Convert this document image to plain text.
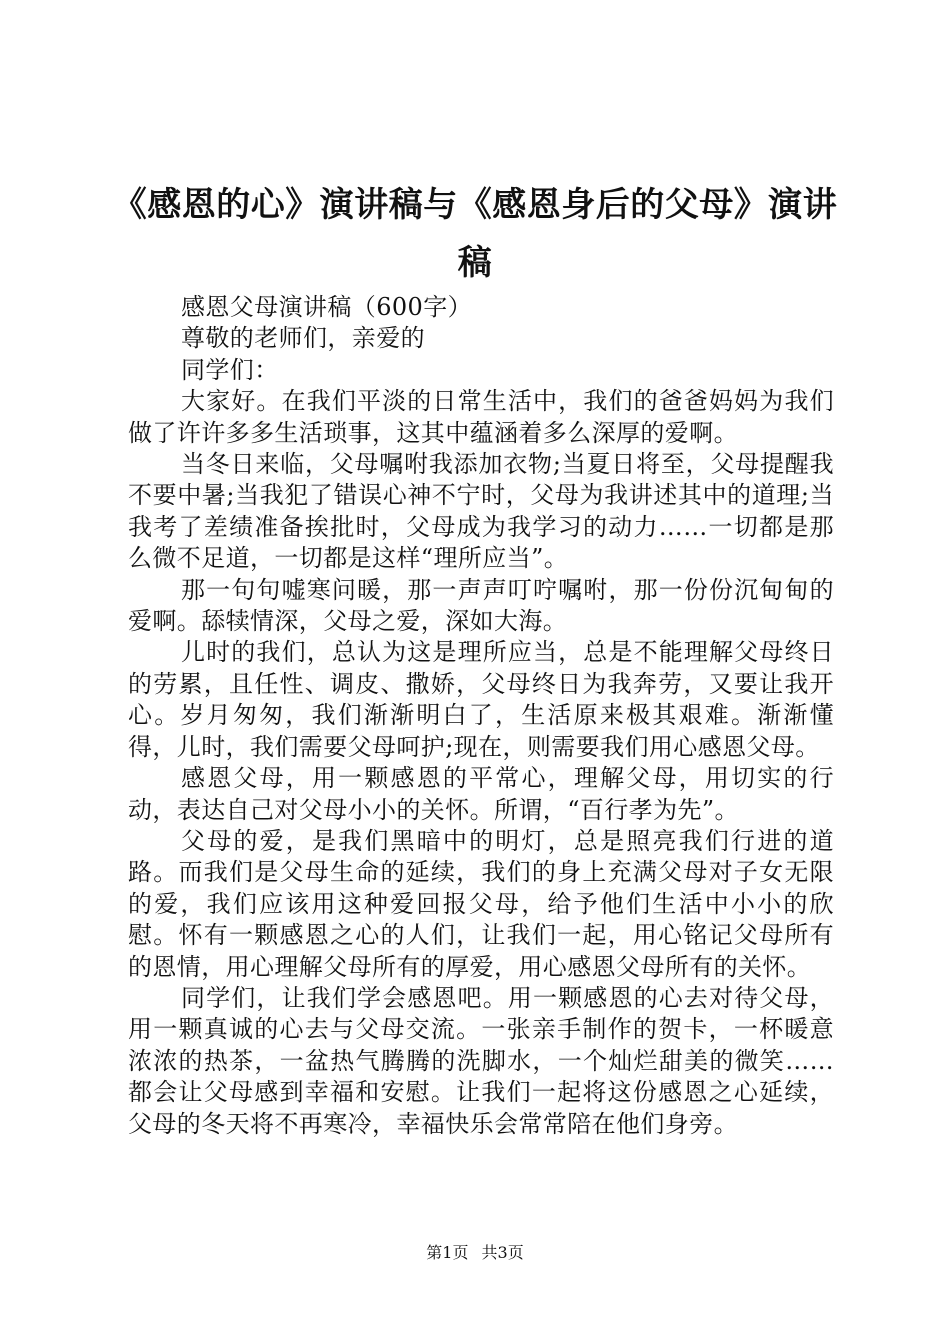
《感恩的心》演讲稿与《感恩身后的父母》演讲稿

感恩父母演讲稿（600字）

尊敬的老师们，亲爱的

同学们：

大家好。在我们平淡的日常生活中，我们的爸爸妈妈为我们做了许许多多生活琐事，这其中蕴涵着多么深厚的爱啊。

当冬日来临，父母嘱咐我添加衣物;当夏日将至，父母提醒我不要中暑;当我犯了错误心神不宁时，父母为我讲述其中的道理;当我考了差绩准备挨批时，父母成为我学习的动力……一切都是那么微不足道，一切都是这样“理所应当”。

那一句句嘘寒问暖，那一声声叮咛嘱咐，那一份份沉甸甸的爱啊。舔犊情深，父母之爱，深如大海。

儿时的我们，总认为这是理所应当，总是不能理解父母终日的劳累，且任性、调皮、撒娇，父母终日为我奔劳，又要让我开心。岁月匆匆，我们渐渐明白了，生活原来极其艰难。渐渐懂得，儿时，我们需要父母呵护;现在，则需要我们用心感恩父母。

感恩父母，用一颗感恩的平常心，理解父母，用切实的行动，表达自己对父母小小的关怀。所谓，“百行孝为先”。

父母的爱，是我们黑暗中的明灯，总是照亮我们行进的道路。而我们是父母生命的延续，我们的身上充满父母对子女无限的爱，我们应该用这种爱回报父母，给予他们生活中小小的欣慰。怀有一颗感恩之心的人们，让我们一起，用心铭记父母所有的恩情，用心理解父母所有的厚爱，用心感恩父母所有的关怀。

同学们，让我们学会感恩吧。用一颗感恩的心去对待父母，用一颗真诚的心去与父母交流。一张亲手制作的贺卡，一杯暖意浓浓的热茶，一盆热气腾腾的洗脚水，一个灿烂甜美的微笑……都会让父母感到幸福和安慰。让我们一起将这份感恩之心延续，父母的冬天将不再寒冷，幸福快乐会常常陪在他们身旁。

第1页 共3页
